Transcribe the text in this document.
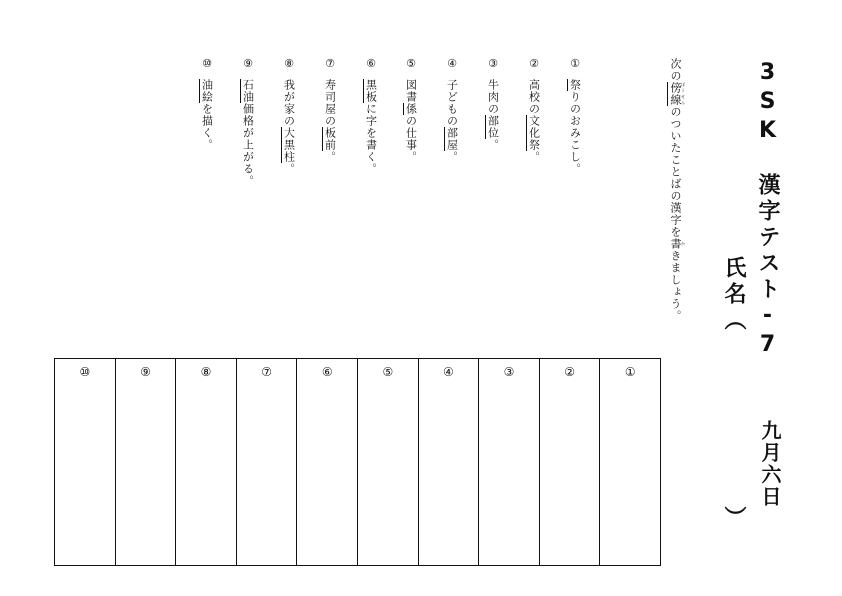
3SK　漢字テスト-7
氏名（
）
九月六日
次の傍線 ぼうせんのついたことばの漢字を書 かきましょう。
①
祭りのおみこし。
②
高校の文化祭。
③
牛肉の部位。
④
子どもの部屋。
⑤
図書係の仕事。
⑥
黒板に字を書く。
⑦
寿司屋の板前。
⑧
我が家の大黒柱。
⑨
石油価格が上がる。
⑩
油絵を描く。
①
②
③
④
⑤
⑥
⑦
⑧
⑨
⑩
